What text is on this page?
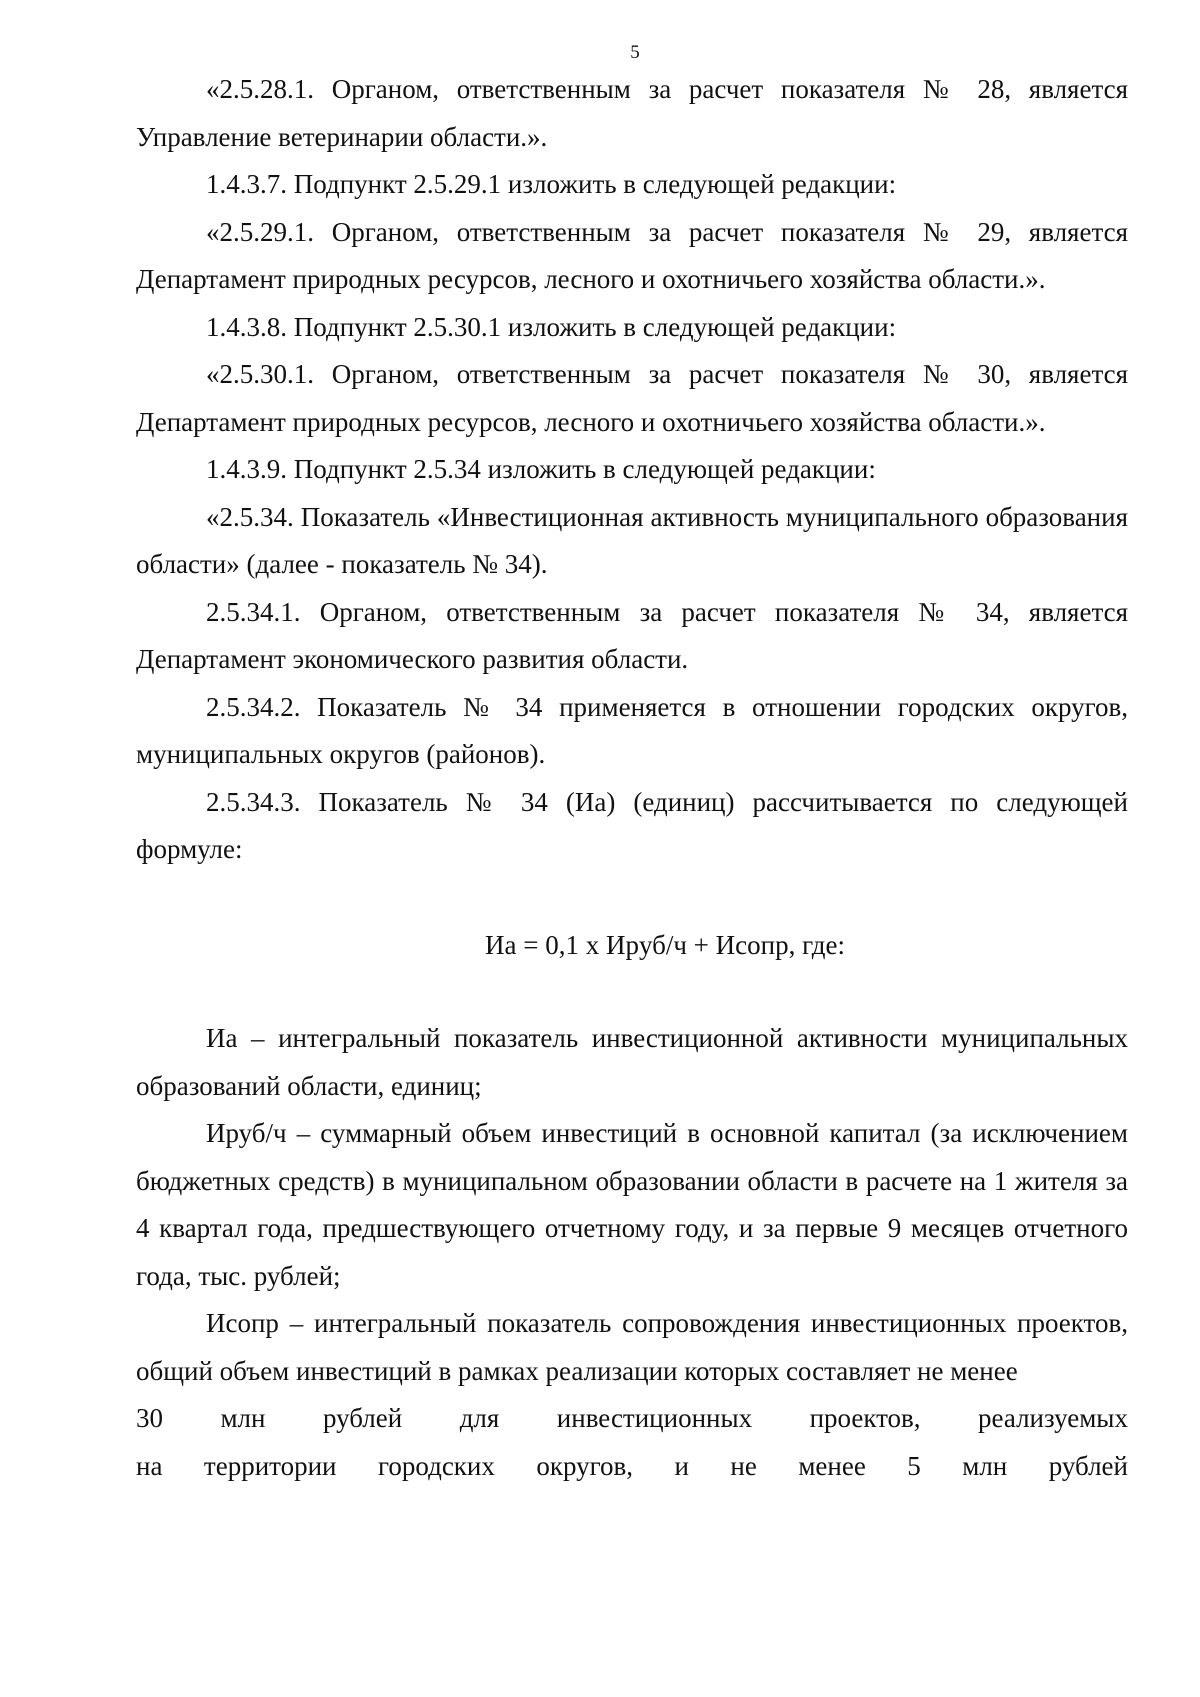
5

«2.5.28.1. Органом, ответственным за расчет показателя № 28, является Управление ветеринарии области.».

1.4.3.7. Подпункт 2.5.29.1 изложить в следующей редакции:

«2.5.29.1. Органом, ответственным за расчет показателя № 29, является Департамент природных ресурсов, лесного и охотничьего хозяйства области.».

1.4.3.8. Подпункт 2.5.30.1 изложить в следующей редакции:

«2.5.30.1. Органом, ответственным за расчет показателя № 30, является Департамент природных ресурсов, лесного и охотничьего хозяйства области.».

1.4.3.9. Подпункт 2.5.34 изложить в следующей редакции:

«2.5.34. Показатель «Инвестиционная активность муниципального образования области» (далее - показатель № 34).

2.5.34.1. Органом, ответственным за расчет показателя № 34, является Департамент экономического развития области.

2.5.34.2. Показатель № 34 применяется в отношении городских округов, муниципальных округов (районов).

2.5.34.3. Показатель № 34 (Иа) (единиц) рассчитывается по следующей формуле:

Иа = 0,1 х Иpуб/ч + Исопр, где:

Иа – интегральный показатель инвестиционной активности муниципальных образований области, единиц;

Ируб/ч – суммарный объем инвестиций в основной капитал (за исключением бюджетных средств) в муниципальном образовании области в расчете на 1 жителя за 4 квартал года, предшествующего отчетному году, и за первые 9 месяцев отчетного года, тыс. рублей;

Исопр – интегральный показатель сопровождения инвестиционных проектов, общий объем инвестиций в рамках реализации которых составляет не менее

30 млн рублей для инвестиционных проектов, реализуемых
на территории городских округов, и не менее 5 млн рублей
